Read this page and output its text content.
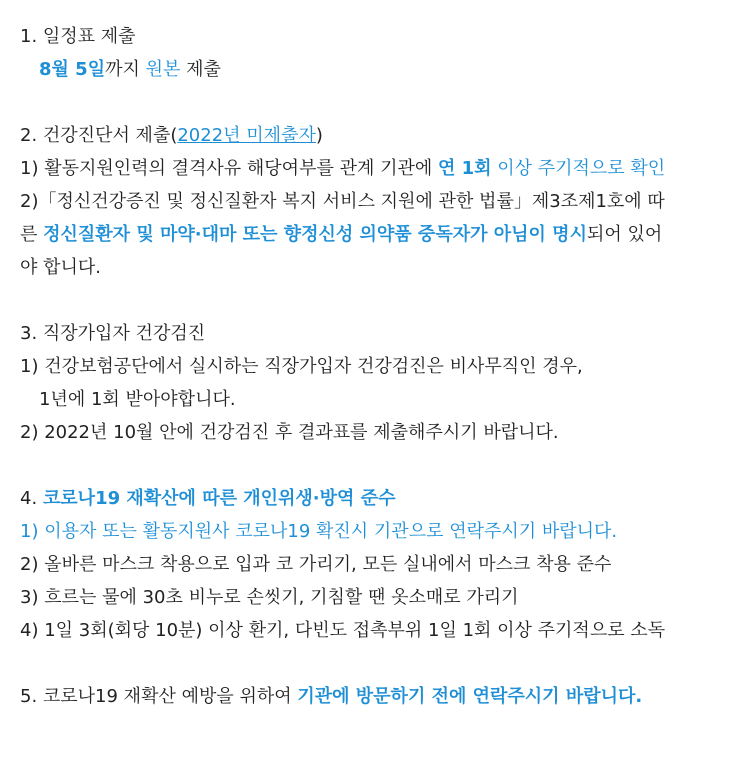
1. 일정표 제출
8월 5일까지 원본 제출
2. 건강진단서 제출(2022년 미제출자)
1) 활동지원인력의 결격사유 해당여부를 관계 기관에 연 1회 이상 주기적으로 확인
2)「정신건강증진 및 정신질환자 복지 서비스 지원에 관한 법률」제3조제1호에 따
른 정신질환자 및 마약·대마 또는 향정신성 의약품 중독자가 아님이 명시되어 있어
야 합니다.
3. 직장가입자 건강검진
1) 건강보험공단에서 실시하는 직장가입자 건강검진은 비사무직인 경우,
1년에 1회 받아야합니다.
2) 2022년 10월 안에 건강검진 후 결과표를 제출해주시기 바랍니다.
4. 코로나19 재확산에 따른 개인위생·방역 준수
1) 이용자 또는 활동지원사 코로나19 확진시 기관으로 연락주시기 바랍니다.
2) 올바른 마스크 착용으로 입과 코 가리기, 모든 실내에서 마스크 착용 준수
3) 흐르는 물에 30초 비누로 손씻기, 기침할 땐 옷소매로 가리기
4) 1일 3회(회당 10분) 이상 환기, 다빈도 접촉부위 1일 1회 이상 주기적으로 소독
5. 코로나19 재확산 예방을 위하여 기관에 방문하기 전에 연락주시기 바랍니다.
